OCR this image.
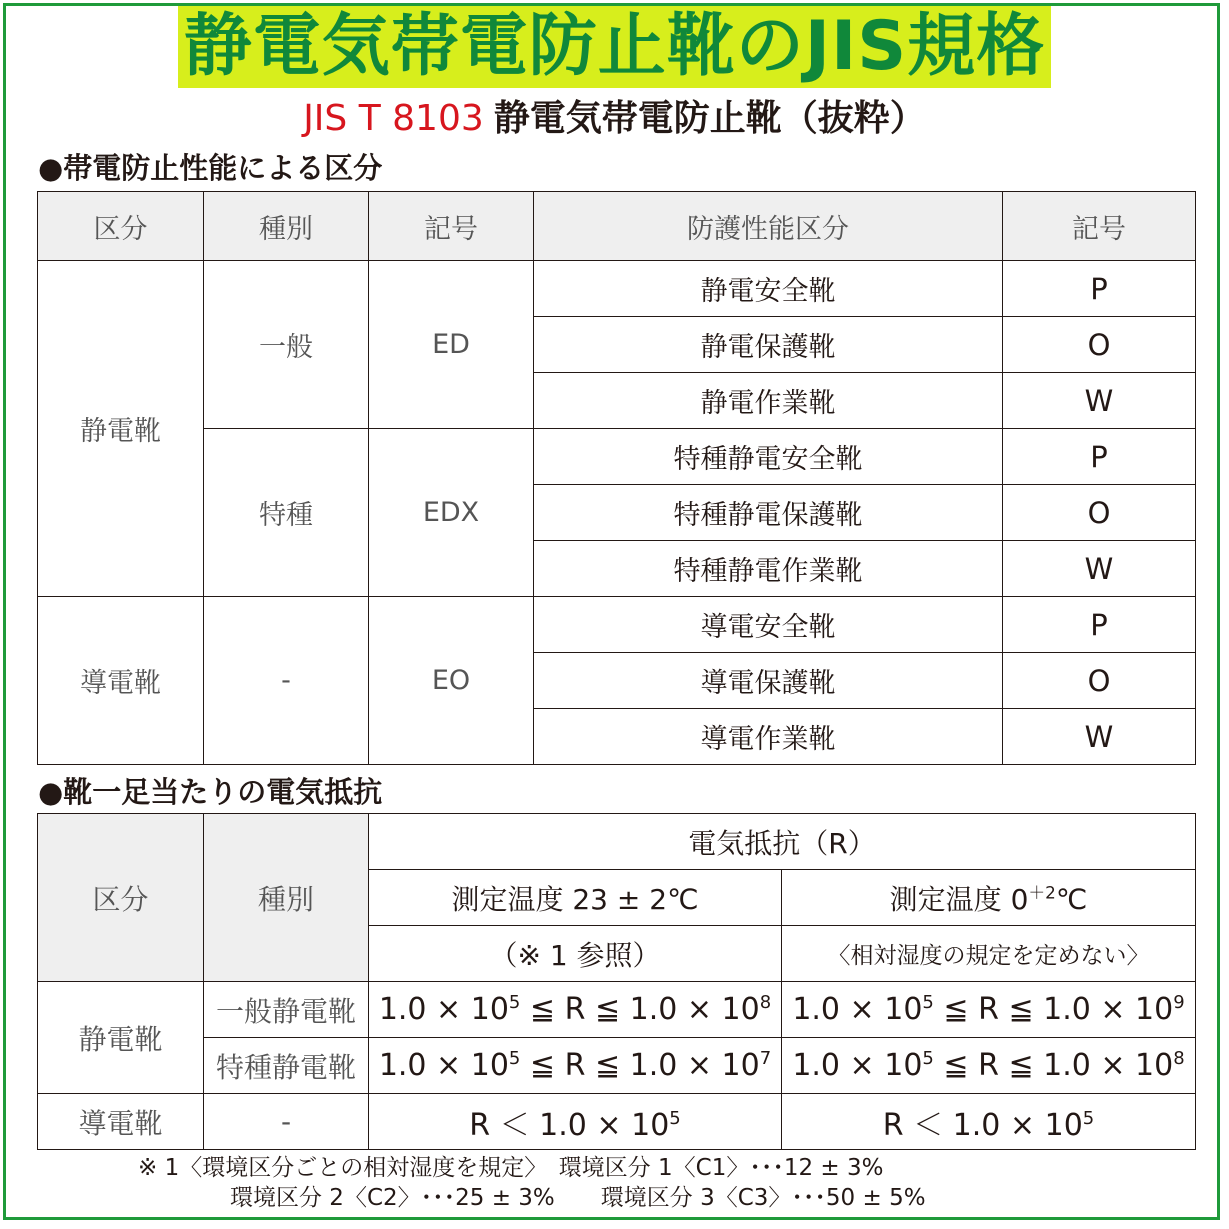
静電気帯電防止靴のJIS規格
JIS T 8103 静電気帯電防止靴（抜粋）
●帯電防止性能による区分
区分	種別	記号	防護性能区分	記号
静電靴	一般	ED	静電安全靴	P
			静電保護靴	O
			静電作業靴	W
	特種	EDX	特種静電安全靴	P
			特種静電保護靴	O
			特種静電作業靴	W
導電靴	-	EO	導電安全靴	P
			導電保護靴	O
			導電作業靴	W
●靴一足当たりの電気抵抗
区分	種別	電気抵抗（R）	
		測定温度 23 ± 2℃	測定温度 $0^{+2}℃$
		（※ 1 参照）	〈相対湿度の規定を定めない〉
静電靴	一般静電靴	$1.0 \times 10^5$ ≦ R ≦ $1.0 \times 10^8$	$1.0 \times 10^5$ ≦ R ≦ $1.0 \times 10^9$
	特種静電靴	$1.0 \times 10^5$ ≦ R ≦ $1.0 \times 10^7$	$1.0 \times 10^5$ ≦ R ≦ $1.0 \times 10^8$
導電靴	-	$R < 1.0 \times 10^5$	$R < 1.0 \times 10^5$
※ 1〈環境区分ごとの相対湿度を規定〉　環境区分 1〈C1〉･･･12 ± 3%
　　　　環境区分 2〈C2〉･･･25 ± 3%　　環境区分 3〈C3〉･･･50 ± 5%
